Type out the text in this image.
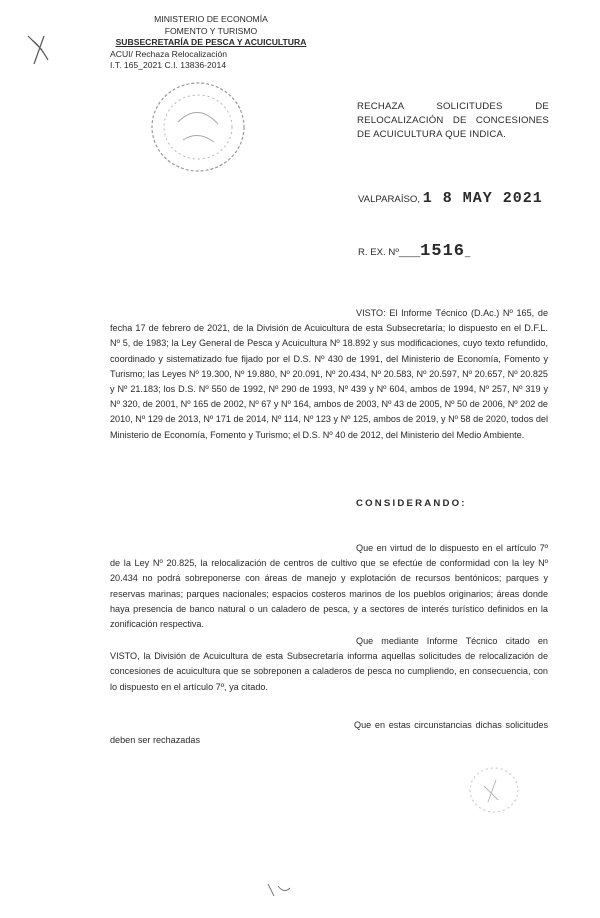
MINISTERIO DE ECONOMÍA
FOMENTO Y TURISMO
SUBSECRETARÍA DE PESCA Y ACUICULTURA
ACUI/ Rechaza Relocalización
I.T. 165_2021 C.I. 13836-2014
RECHAZA SOLICITUDES DE RELOCALIZACIÓN DE CONCESIONES DE ACUICULTURA QUE INDICA.
VALPARAÍSO, 1 8 MAY 2021
R. EX. Nº____1516_
VISTO: El Informe Técnico (D.Ac.) Nº 165, de fecha 17 de febrero de 2021, de la División de Acuicultura de esta Subsecretaría; lo dispuesto en el D.F.L. Nº 5, de 1983; la Ley General de Pesca y Acuicultura Nº 18.892 y sus modificaciones, cuyo texto refundido, coordinado y sistematizado fue fijado por el D.S. Nº 430 de 1991, del Ministerio de Economía, Fomento y Turismo; las Leyes Nº 19.300, Nº 19.880, Nº 20.091, Nº 20.434, Nº 20.583, Nº 20.597, Nº 20.657, Nº 20.825 y Nº 21.183; los D.S. Nº 550 de 1992, Nº 290 de 1993, Nº 439 y Nº 604, ambos de 1994, Nº 257, Nº 319 y Nº 320, de 2001, Nº 165 de 2002, Nº 67 y Nº 164, ambos de 2003, Nº 43 de 2005, Nº 50 de 2006, Nº 202 de 2010, Nº 129 de 2013, Nº 171 de 2014, Nº 114, Nº 123 y Nº 125, ambos de 2019, y Nº 58 de 2020, todos del Ministerio de Economía, Fomento y Turismo; el D.S. Nº 40 de 2012, del Ministerio del Medio Ambiente.
CONSIDERANDO:
Que en virtud de lo dispuesto en el artículo 7º de la Ley Nº 20.825, la relocalización de centros de cultivo que se efectúe de conformidad con la ley Nº 20.434 no podrá sobreponerse con áreas de manejo y explotación de recursos bentónicos; parques y reservas marinas; parques nacionales; espacios costeros marinos de los pueblos originarios; áreas donde haya presencia de banco natural o un caladero de pesca, y a sectores de interés turístico definidos en la zonificación respectiva.
Que mediante Informe Técnico citado en VISTO, la División de Acuicultura de esta Subsecretaría informa aquellas solicitudes de relocalización de concesiones de acuicultura que se sobreponen a caladeros de pesca no cumpliendo, en consecuencia, con lo dispuesto en el artículo 7º, ya citado.
Que en estas circunstancias dichas solicitudes deben ser rechazadas
